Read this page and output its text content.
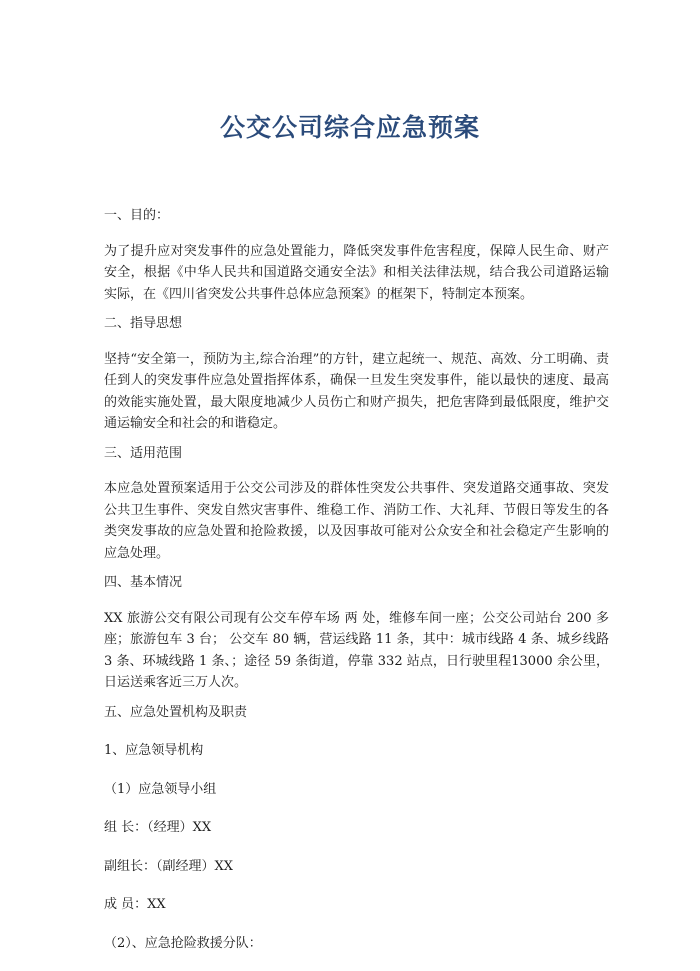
公交公司综合应急预案

一、目的：

为了提升应对突发事件的应急处置能力，降低突发事件危害程度，保障人民生命、财产安全，根据《中华人民共和国道路交通安全法》和相关法律法规，结合我公司道路运输实际，在《四川省突发公共事件总体应急预案》的框架下，特制定本预案。

二、指导思想

坚持“安全第一，预防为主,综合治理”的方针，建立起统一、规范、高效、分工明确、责任到人的突发事件应急处置指挥体系，确保一旦发生突发事件，能以最快的速度、最高的效能实施处置，最大限度地减少人员伤亡和财产损失，把危害降到最低限度，维护交通运输安全和社会的和谐稳定。

三、适用范围

本应急处置预案适用于公交公司涉及的群体性突发公共事件、突发道路交通事故、突发公共卫生事件、突发自然灾害事件、维稳工作、消防工作、大礼拜、节假日等发生的各类突发事故的应急处置和抢险救援，以及因事故可能对公众安全和社会稳定产生影响的应急处理。

四、基本情况

XX 旅游公交有限公司现有公交车停车场 两 处，维修车间一座；公交公司站台 200 多座；旅游包车 3 台； 公交车 80 辆，营运线路 11 条，其中：城市线路 4 条、城乡线路 3 条、环城线路 1 条、；途径 59 条街道，停靠 332 站点，日行驶里程13000 余公里，日运送乘客近三万人次。

五、应急处置机构及职责

1、应急领导机构

（1）应急领导小组

组 长：（经理）XX

副组长：（副经理）XX

成 员：XX

（2）、应急抢险救援分队：
